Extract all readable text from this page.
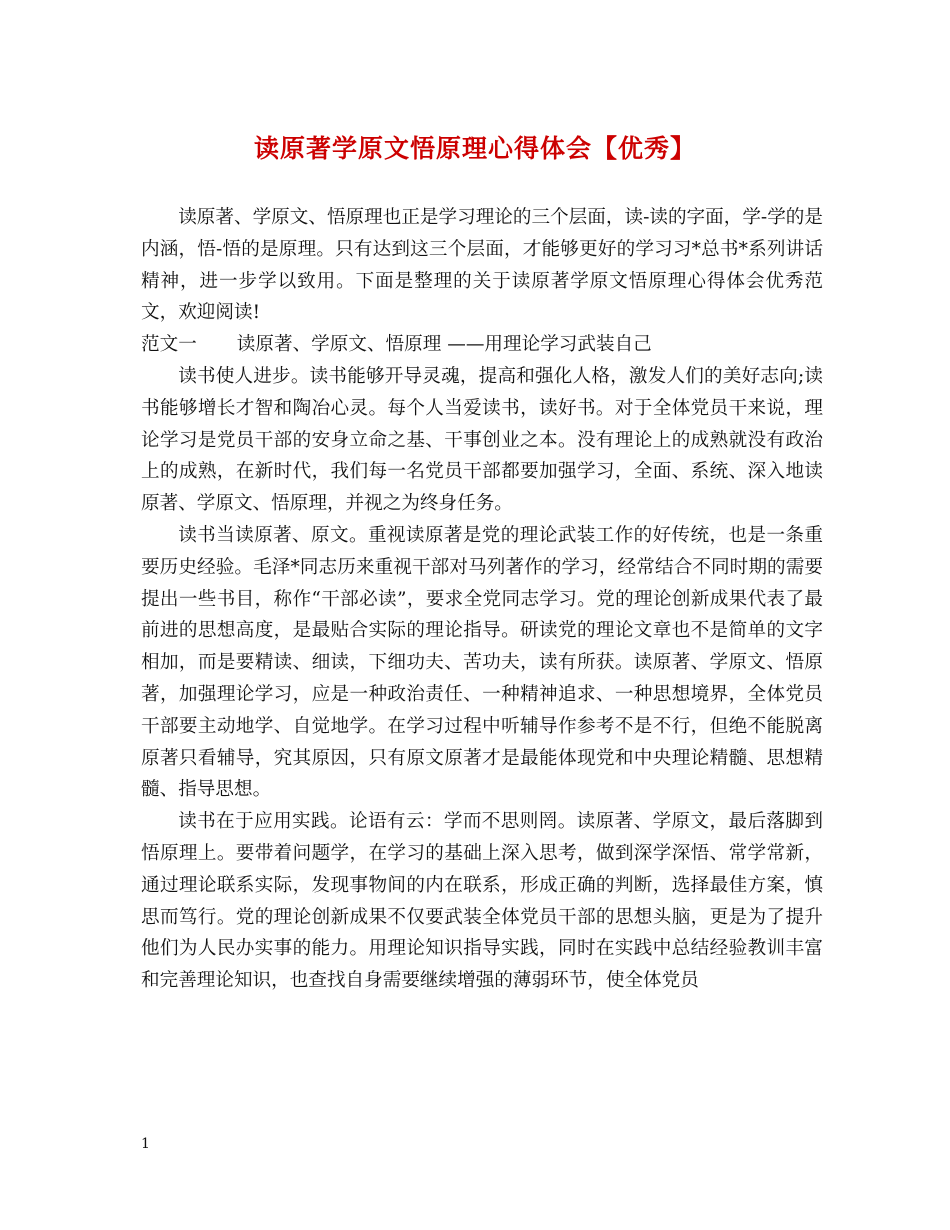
读原著学原文悟原理心得体会【优秀】

读原著、学原文、悟原理也正是学习理论的三个层面，读-读的字面，学-学的是内涵，悟-悟的是原理。只有达到这三个层面，才能够更好的学习习*总书*系列讲话精神，进一步学以致用。下面是整理的关于读原著学原文悟原理心得体会优秀范文，欢迎阅读!

范文一 读原著、学原文、悟原理 ——用理论学习武装自己

读书使人进步。读书能够开导灵魂，提高和强化人格，激发人们的美好志向;读书能够增长才智和陶冶心灵。每个人当爱读书，读好书。对于全体党员干来说，理论学习是党员干部的安身立命之基、干事创业之本。没有理论上的成熟就没有政治上的成熟，在新时代，我们每一名党员干部都要加强学习，全面、系统、深入地读原著、学原文、悟原理，并视之为终身任务。

读书当读原著、原文。重视读原著是党的理论武装工作的好传统，也是一条重要历史经验。毛泽*同志历来重视干部对马列著作的学习，经常结合不同时期的需要提出一些书目，称作“干部必读”，要求全党同志学习。党的理论创新成果代表了最前进的思想高度，是最贴合实际的理论指导。研读党的理论文章也不是简单的文字相加，而是要精读、细读，下细功夫、苦功夫，读有所获。读原著、学原文、悟原著，加强理论学习，应是一种政治责任、一种精神追求、一种思想境界，全体党员干部要主动地学、自觉地学。在学习过程中听辅导作参考不是不行，但绝不能脱离原著只看辅导，究其原因，只有原文原著才是最能体现党和中央理论精髓、思想精髓、指导思想。

读书在于应用实践。论语有云：学而不思则罔。读原著、学原文，最后落脚到悟原理上。要带着问题学，在学习的基础上深入思考，做到深学深悟、常学常新，通过理论联系实际，发现事物间的内在联系，形成正确的判断，选择最佳方案，慎思而笃行。党的理论创新成果不仅要武装全体党员干部的思想头脑，更是为了提升他们为人民办实事的能力。用理论知识指导实践，同时在实践中总结经验教训丰富和完善理论知识，也查找自身需要继续增强的薄弱环节，使全体党员

1
